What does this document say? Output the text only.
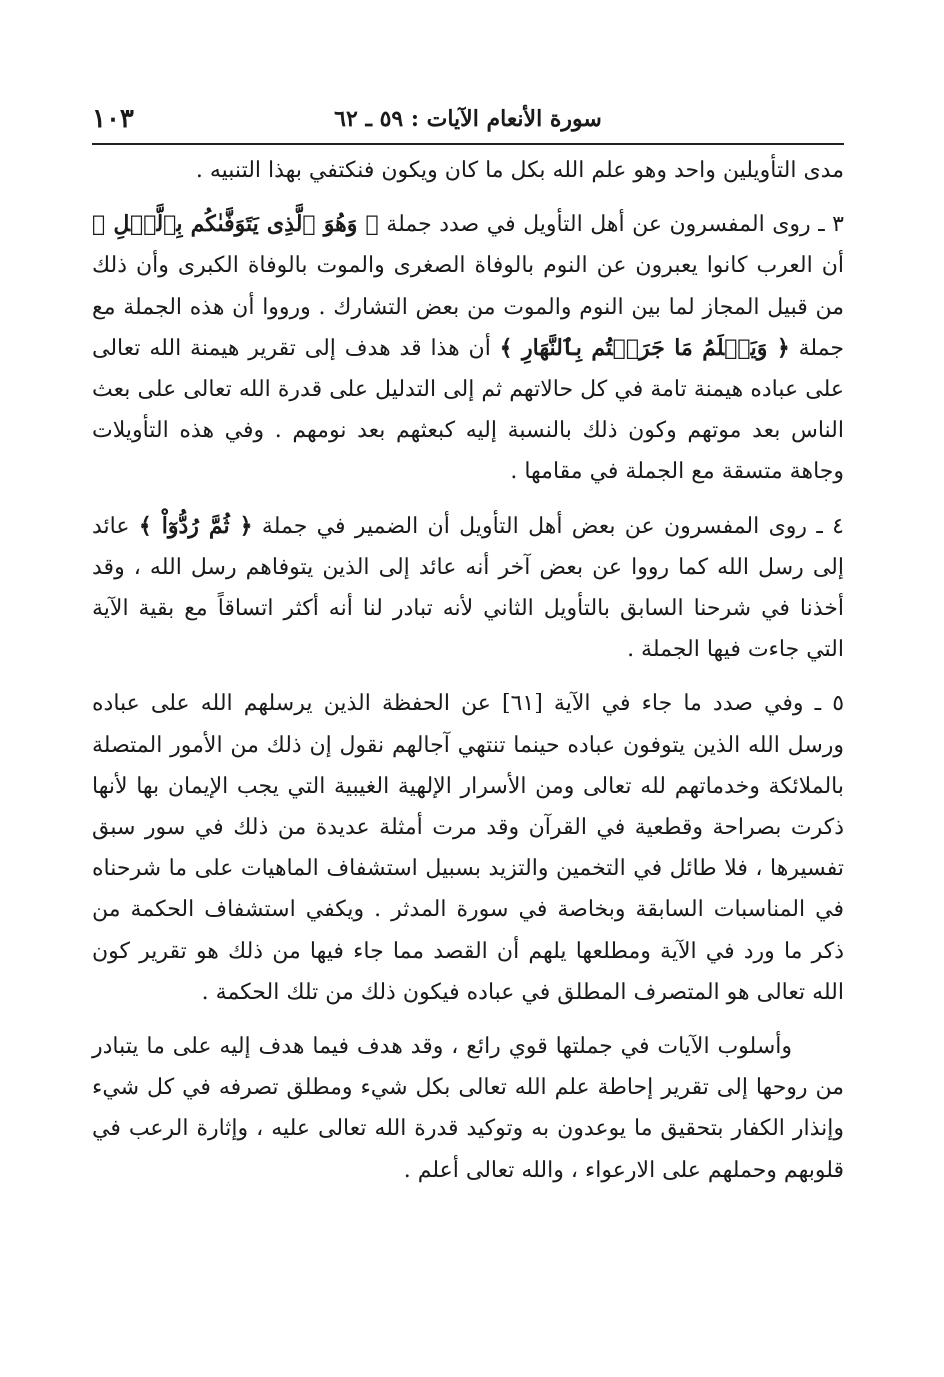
١٠٣	سورة الأنعام الآيات : ٥٩ ـ ٦٢

مدى التأويلين واحد وهو علم الله بكل ما كان ويكون فنكتفي بهذا التنبيه .

٣ ـ روى المفسرون عن أهل التأويل في صدد جملة ﴿ وَهُوَ ٱلَّذِى يَتَوَفَّىٰكُم بِٱلَّيۡلِ ﴾ أن العرب كانوا يعبرون عن النوم بالوفاة الصغرى والموت بالوفاة الكبرى وأن ذلك من قبيل المجاز لما بين النوم والموت من بعض التشارك . ورووا أن هذه الجملة مع جملة ﴿ وَيَعۡلَمُ مَا جَرَحۡتُم بِٱلنَّهَارِ ﴾ أن هذا قد هدف إلى تقرير هيمنة الله تعالى على عباده هيمنة تامة في كل حالاتهم ثم إلى التدليل على قدرة الله تعالى على بعث الناس بعد موتهم وكون ذلك بالنسبة إليه كبعثهم بعد نومهم . وفي هذه التأويلات وجاهة متسقة مع الجملة في مقامها .

٤ ـ روى المفسرون عن بعض أهل التأويل أن الضمير في جملة ﴿ ثُمَّ رُدُّوٓاْ ﴾ عائد إلى رسل الله كما رووا عن بعض آخر أنه عائد إلى الذين يتوفاهم رسل الله ، وقد أخذنا في شرحنا السابق بالتأويل الثاني لأنه تبادر لنا أنه أكثر اتساقاً مع بقية الآية التي جاءت فيها الجملة .

٥ ـ وفي صدد ما جاء في الآية [٦١] عن الحفظة الذين يرسلهم الله على عباده ورسل الله الذين يتوفون عباده حينما تنتهي آجالهم نقول إن ذلك من الأمور المتصلة بالملائكة وخدماتهم لله تعالى ومن الأسرار الإلهية الغيبية التي يجب الإيمان بها لأنها ذكرت بصراحة وقطعية في القرآن وقد مرت أمثلة عديدة من ذلك في سور سبق تفسيرها ، فلا طائل في التخمين والتزيد بسبيل استشفاف الماهيات على ما شرحناه في المناسبات السابقة وبخاصة في سورة المدثر . ويكفي استشفاف الحكمة من ذكر ما ورد في الآية ومطلعها يلهم أن القصد مما جاء فيها من ذلك هو تقرير كون الله تعالى هو المتصرف المطلق في عباده فيكون ذلك من تلك الحكمة .

وأسلوب الآيات في جملتها قوي رائع ، وقد هدف فيما هدف إليه على ما يتبادر من روحها إلى تقرير إحاطة علم الله تعالى بكل شيء ومطلق تصرفه في كل شيء وإنذار الكفار بتحقيق ما يوعدون به وتوكيد قدرة الله تعالى عليه ، وإثارة الرعب في قلوبهم وحملهم على الارعواء ، والله تعالى أعلم .
